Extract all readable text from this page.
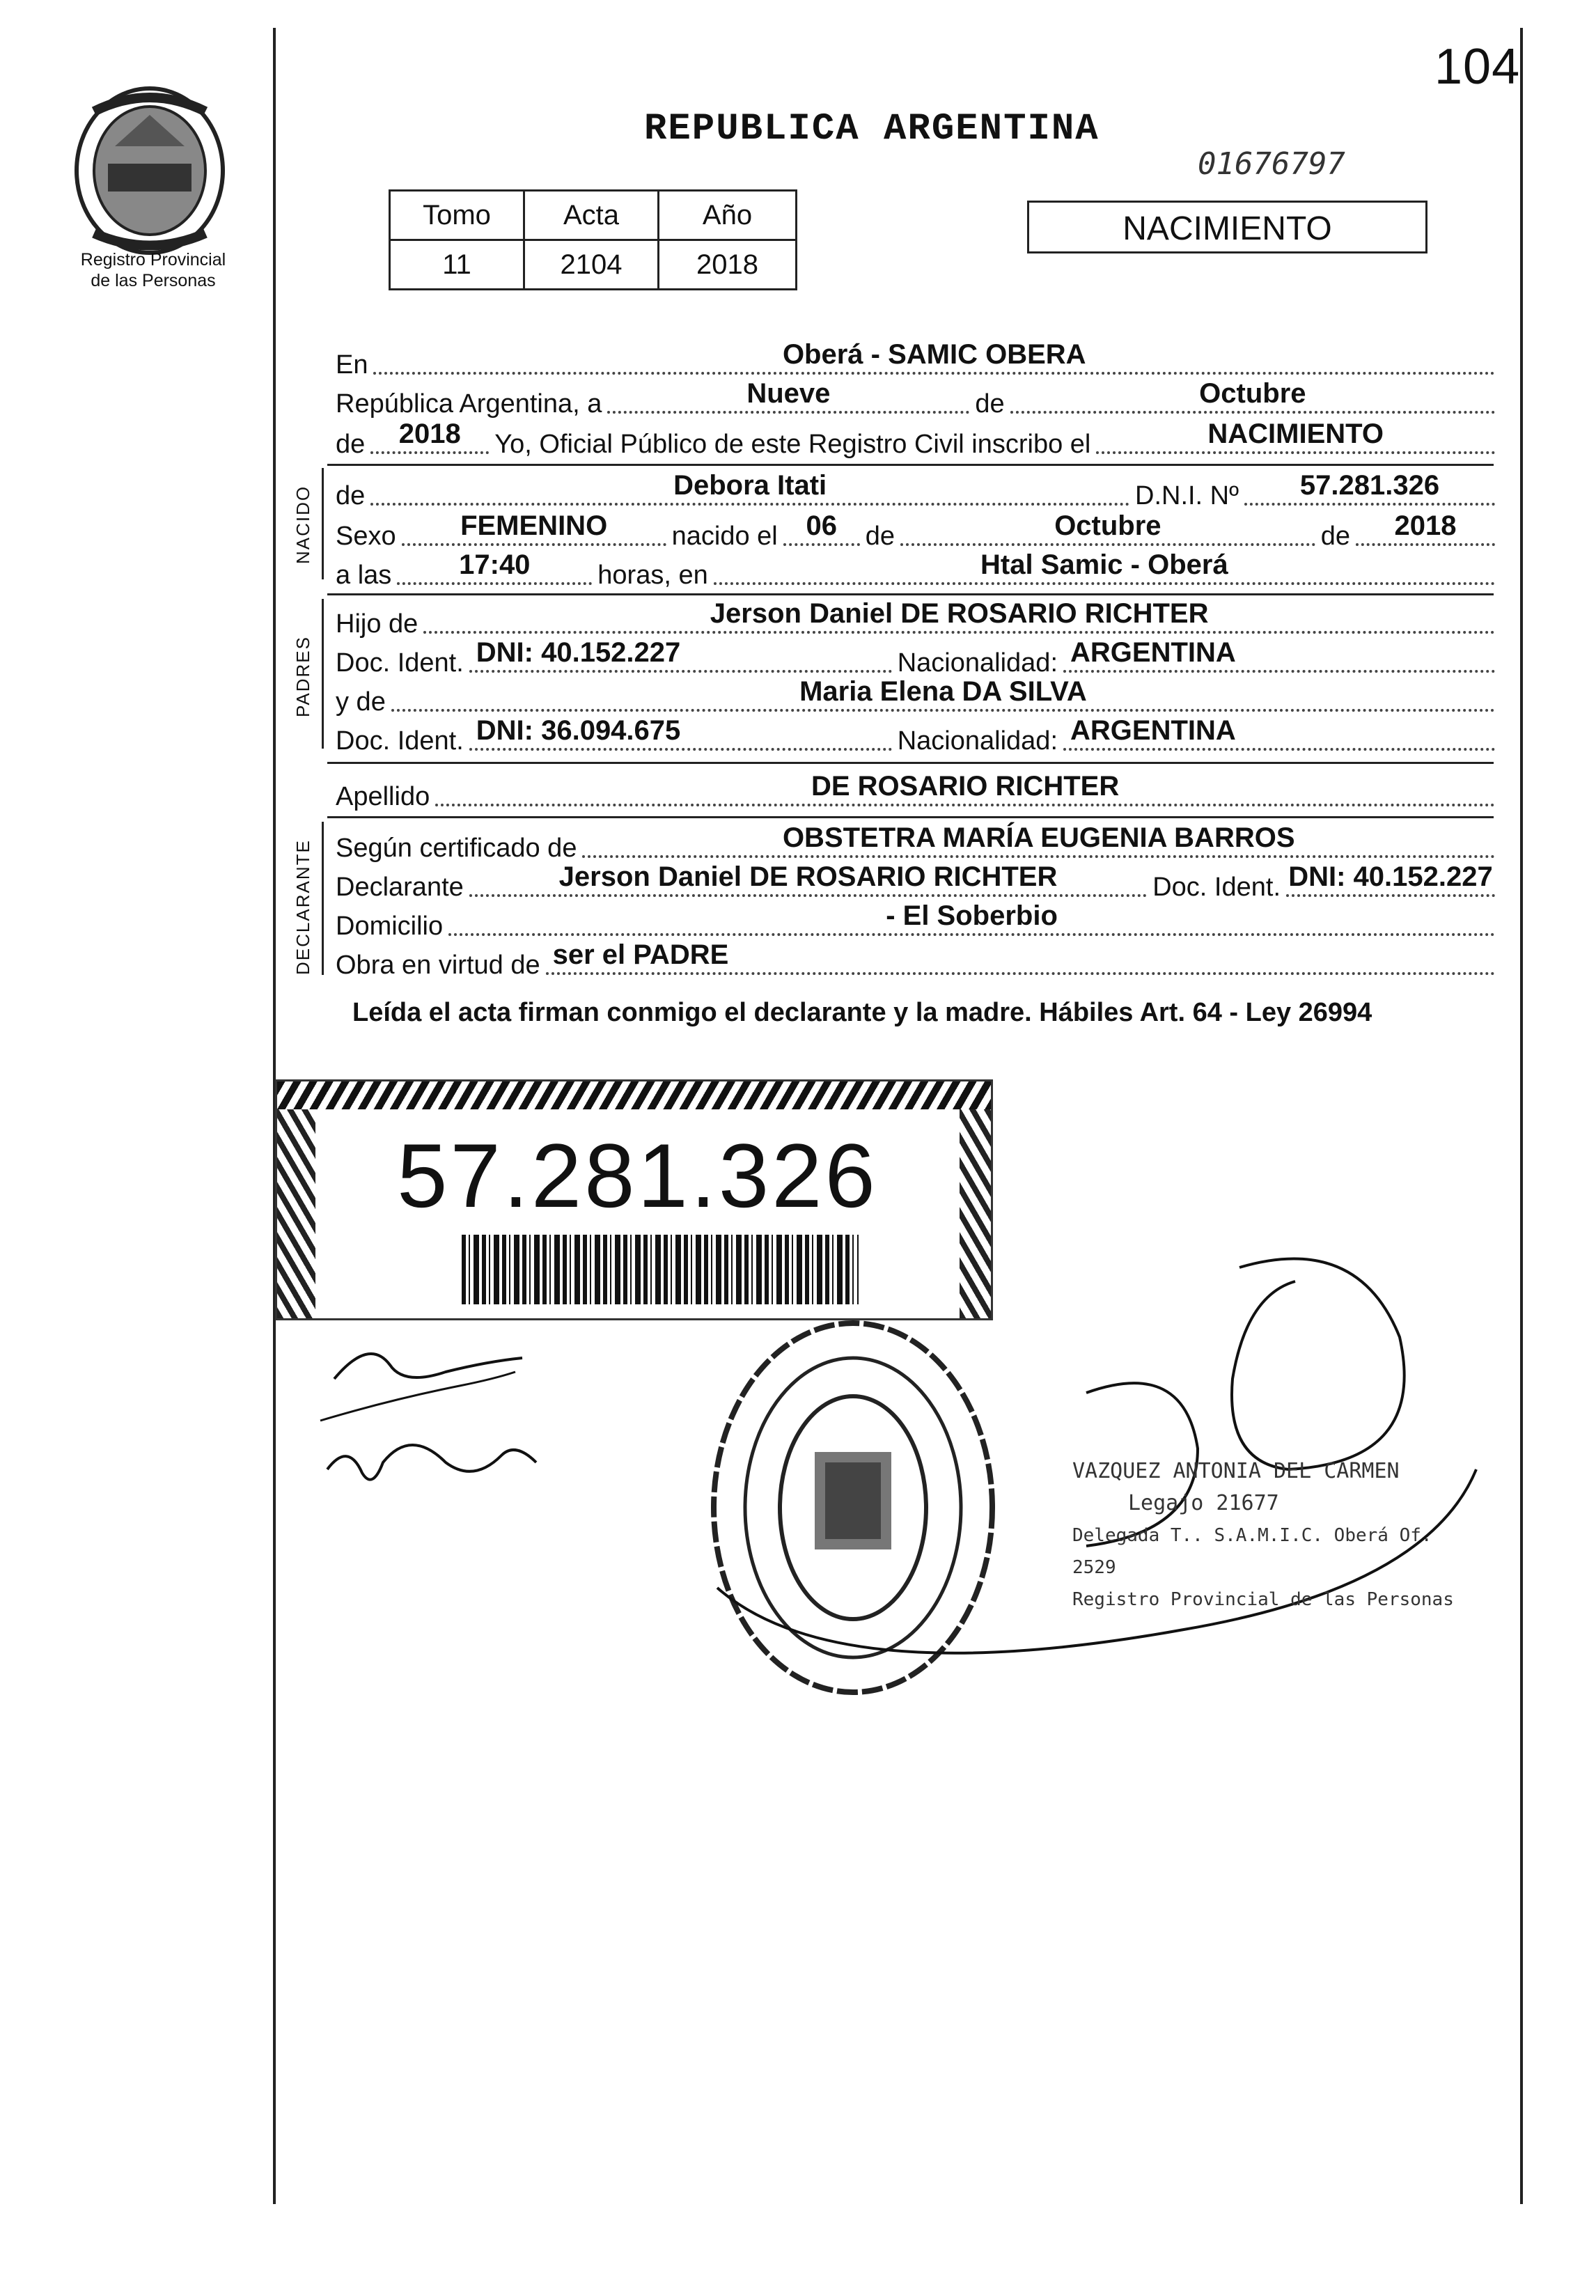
Registro Provincial
de las Personas
104
REPUBLICA ARGENTINA
01676797
Tomo	Acta	Año
11	2104	2018
NACIMIENTO
En	Oberá - SAMIC OBERA
República Argentina, a	Nueve	de	Octubre
de	2018	Yo, Oficial Público de este Registro Civil inscribo el	NACIMIENTO
NACIDO de	Debora Itati	D.N.I. Nº	57.281.326
Sexo	FEMENINO	nacido el	06	de	Octubre	de	2018
a las	17:40	horas, en	Htal Samic - Oberá
PADRES
Hijo de	Jerson Daniel DE ROSARIO RICHTER
Doc. Ident. DNI: 40.152.227	Nacionalidad: ARGENTINA
y de	Maria Elena DA SILVA
Doc. Ident. DNI: 36.094.675	Nacionalidad: ARGENTINA
Apellido	DE ROSARIO RICHTER
DECLARANTE Según certificado de	OBSTETRA MARÍA EUGENIA BARROS
Declarante	Jerson Daniel DE ROSARIO RICHTER	Doc. Ident. DNI: 40.152.227
Domicilio	- El Soberbio
Obra en virtud de ser el PADRE
Leída el acta firman conmigo el declarante y la madre. Hábiles Art. 64 - Ley 26994
57.281.326
VAZQUEZ ANTONIA DEL CARMEN
Legajo 21677
Delegada T.. S.A.M.I.C. Oberá Of. 2529
Registro Provincial de las Personas
